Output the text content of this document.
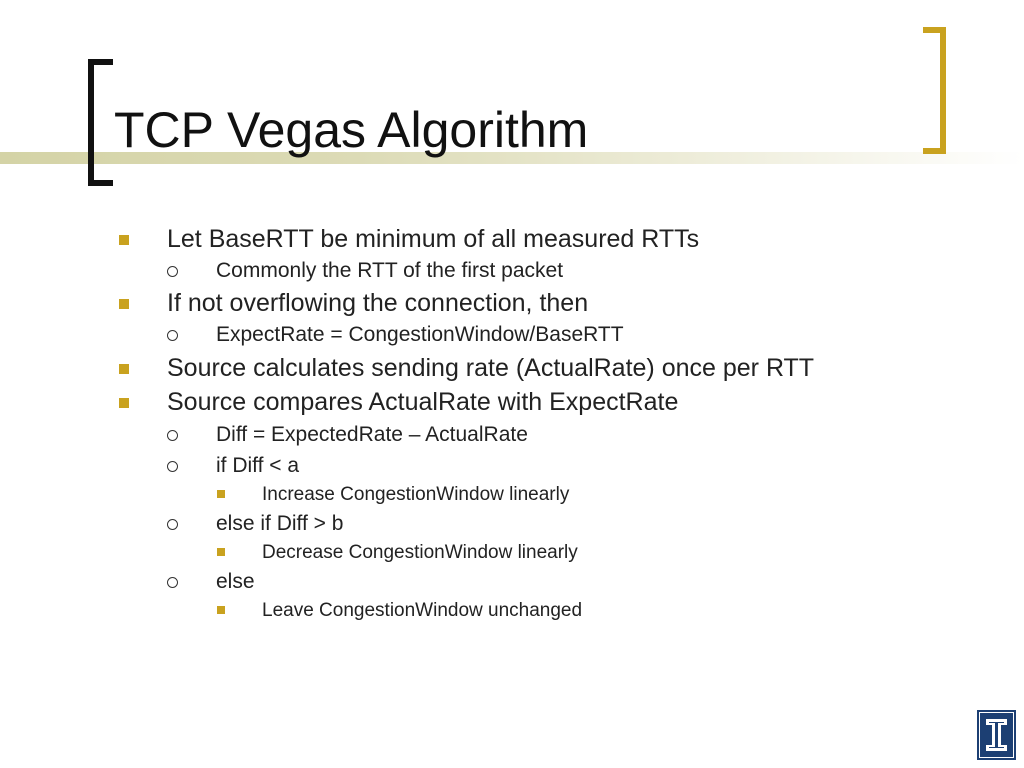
TCP Vegas Algorithm
Let BaseRTT be minimum of all measured RTTs
Commonly the RTT of the first packet
If not overflowing the connection, then
ExpectRate = CongestionWindow/BaseRTT
Source calculates sending rate (ActualRate) once per RTT
Source compares ActualRate with ExpectRate
Diff = ExpectedRate – ActualRate
if Diff < a
Increase CongestionWindow linearly
else if Diff > b
Decrease CongestionWindow linearly
else
Leave CongestionWindow unchanged
